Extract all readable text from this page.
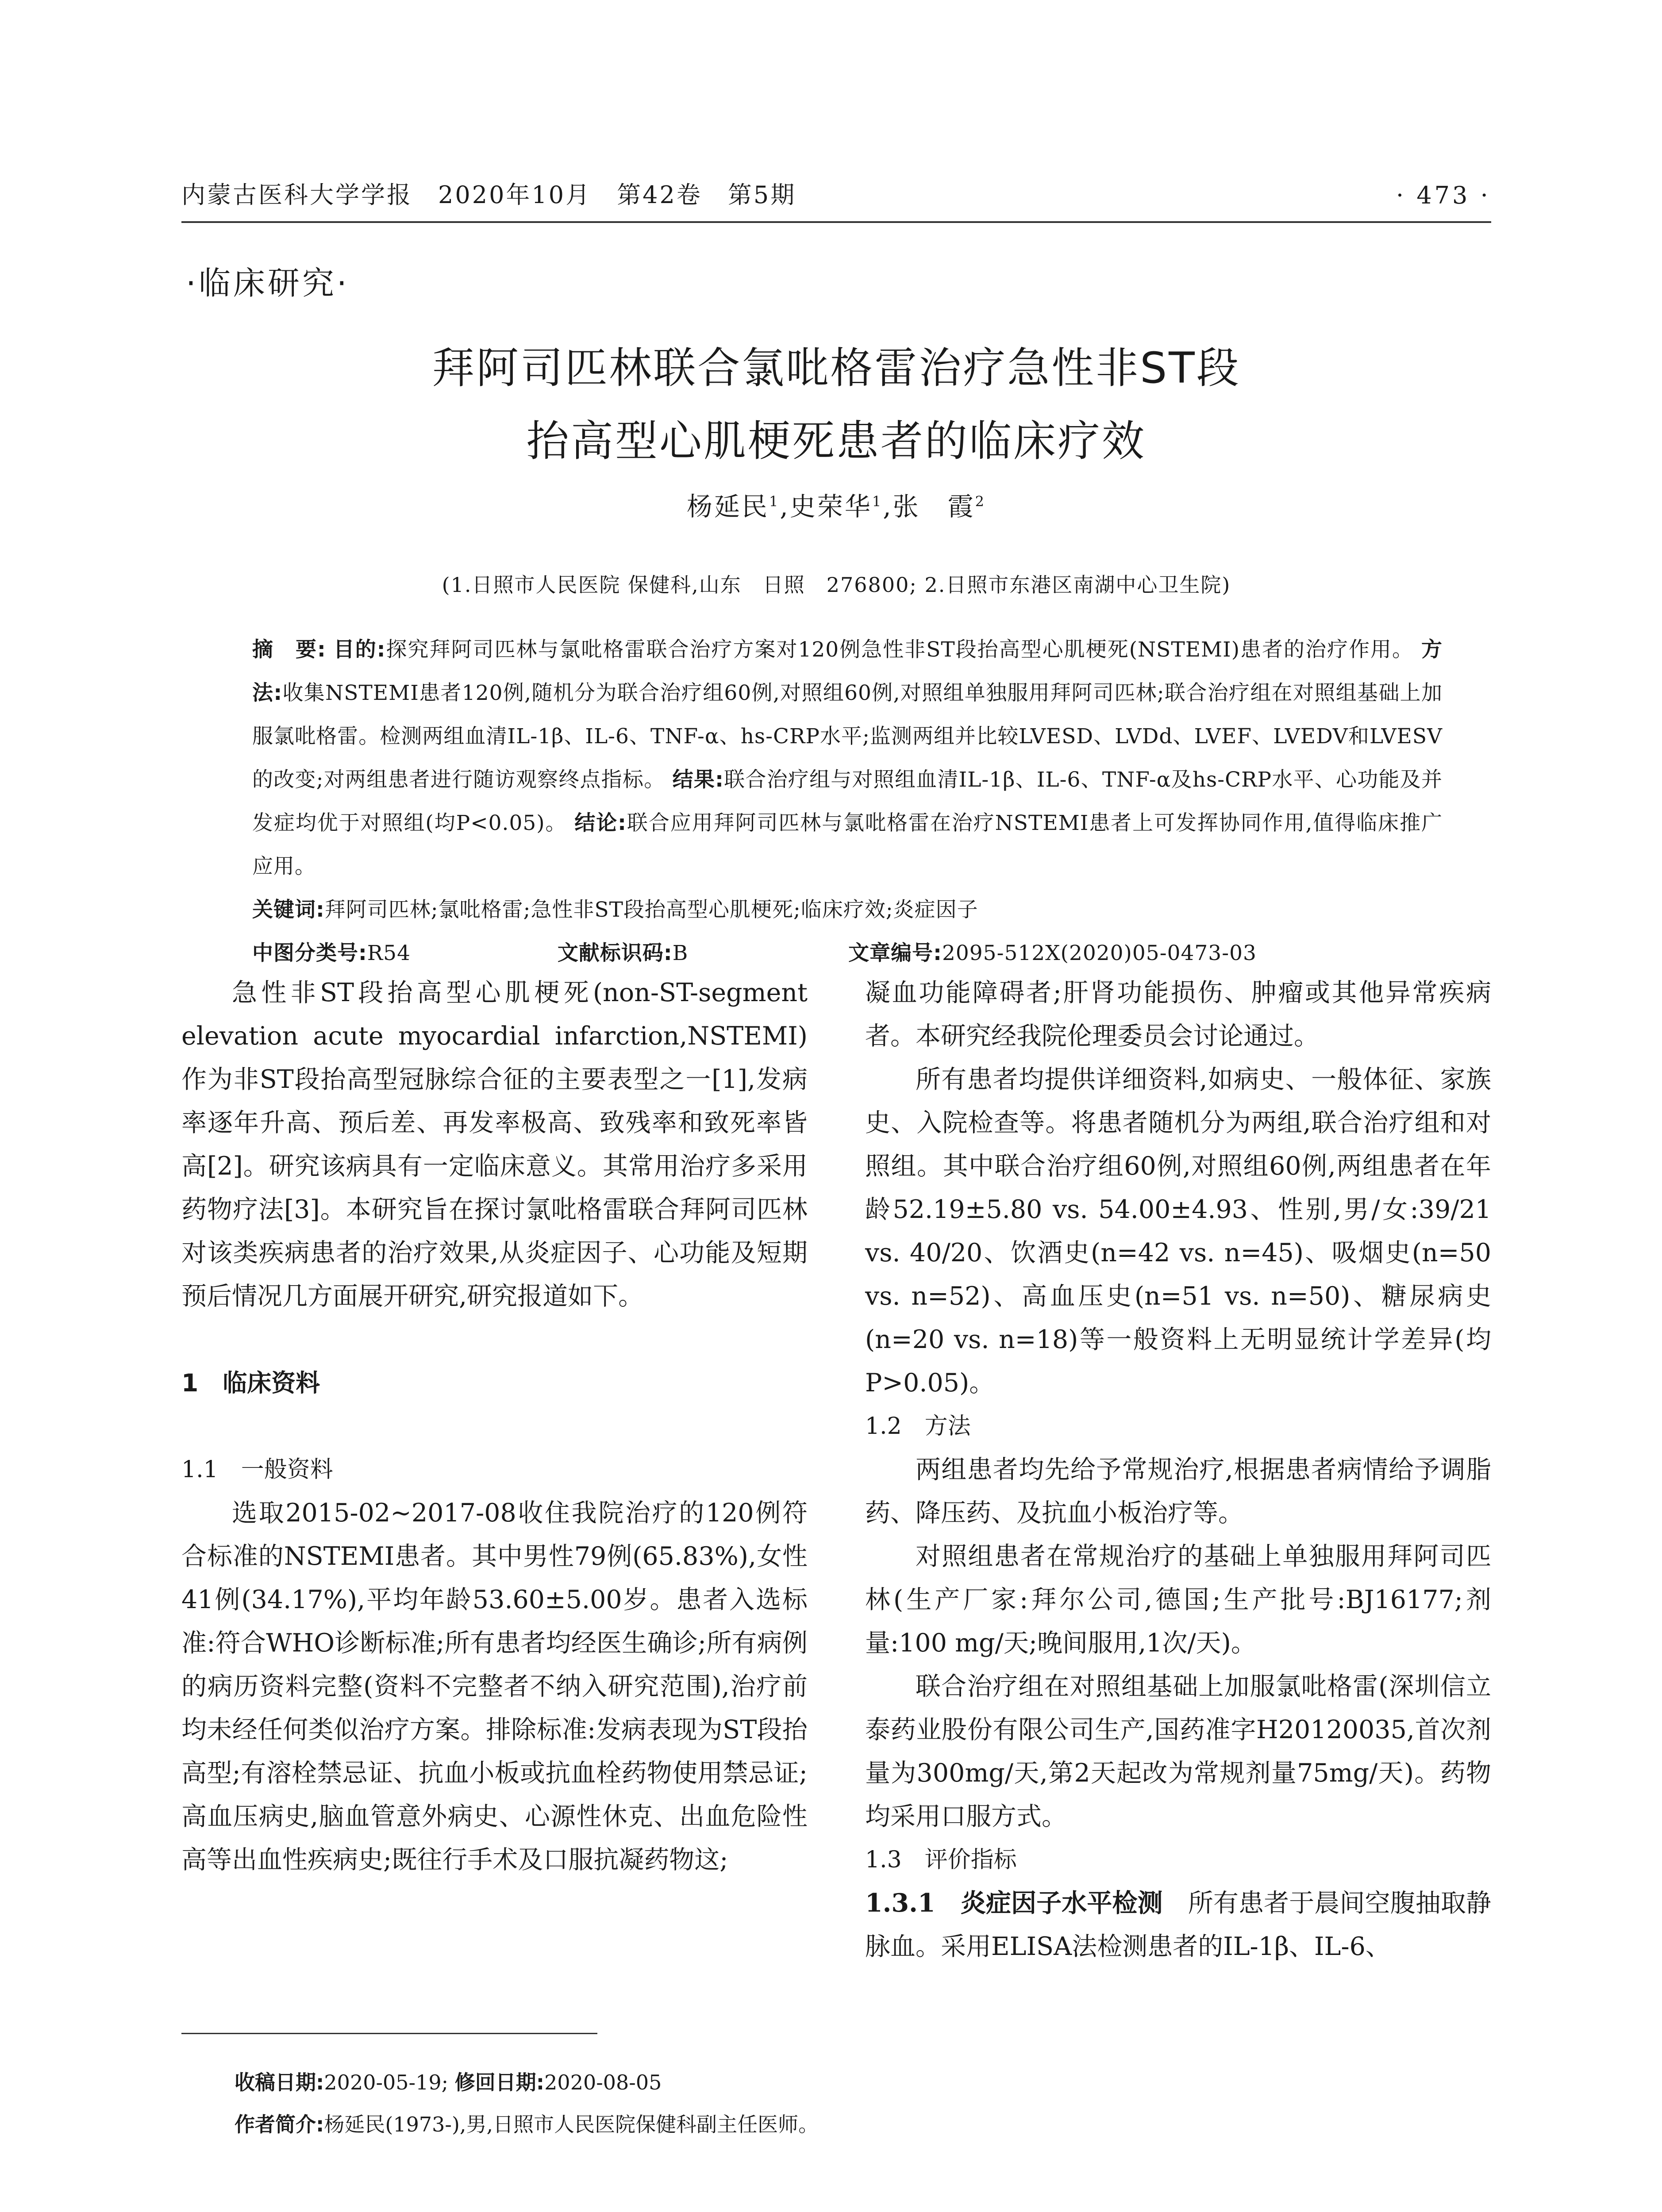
内蒙古医科大学学报　2020年10月　第42卷　第5期	· 473 ·
·临床研究·
拜阿司匹林联合氯吡格雷治疗急性非ST段
抬高型心肌梗死患者的临床疗效
杨延民$^1$,史荣华$^1$,张　霞$^2$
(1.日照市人民医院 保健科,山东　日照　276800; 2.日照市东港区南湖中心卫生院)
摘　要: 目的:探究拜阿司匹林与氯吡格雷联合治疗方案对120例急性非ST段抬高型心肌梗死(NSTEMI)患者的治疗作用。 方法:收集NSTEMI患者120例,随机分为联合治疗组60例,对照组60例,对照组单独服用拜阿司匹林;联合治疗组在对照组基础上加服氯吡格雷。检测两组血清IL-1β、IL-6、TNF-α、hs-CRP水平;监测两组并比较LVESD、LVDd、LVEF、LVEDV和LVESV的改变;对两组患者进行随访观察终点指标。 结果:联合治疗组与对照组血清IL-1β、IL-6、TNF-α及hs-CRP水平、心功能及并发症均优于对照组(均P<0.05)。 结论:联合应用拜阿司匹林与氯吡格雷在治疗NSTEMI患者上可发挥协同作用,值得临床推广应用。
关键词:拜阿司匹林;氯吡格雷;急性非ST段抬高型心肌梗死;临床疗效;炎症因子
中图分类号:R54	文献标识码:B	文章编号:2095-512X(2020)05-0473-03

急性非ST段抬高型心肌梗死(non-ST-segment elevation acute myocardial infarction,NSTEMI)作为非ST段抬高型冠脉综合征的主要表型之一[1],发病率逐年升高、预后差、再发率极高、致残率和致死率皆高[2]。研究该病具有一定临床意义。其常用治疗多采用药物疗法[3]。本研究旨在探讨氯吡格雷联合拜阿司匹林对该类疾病患者的治疗效果,从炎症因子、心功能及短期预后情况几方面展开研究,研究报道如下。

1　临床资料
1.1　一般资料

选取2015-02~2017-08收住我院治疗的120例符合标准的NSTEMI患者。其中男性79例(65.83%),女性41例(34.17%),平均年龄53.60±5.00岁。患者入选标准:符合WHO诊断标准;所有患者均经医生确诊;所有病例的病历资料完整(资料不完整者不纳入研究范围),治疗前均未经任何类似治疗方案。排除标准:发病表现为ST段抬高型;有溶栓禁忌证、抗血小板或抗血栓药物使用禁忌证;高血压病史,脑血管意外病史、心源性休克、出血危险性高等出血性疾病史;既往行手术及口服抗凝药物这;

凝血功能障碍者;肝肾功能损伤、肿瘤或其他异常疾病者。本研究经我院伦理委员会讨论通过。

所有患者均提供详细资料,如病史、一般体征、家族史、入院检查等。将患者随机分为两组,联合治疗组和对照组。其中联合治疗组60例,对照组60例,两组患者在年龄52.19±5.80 vs. 54.00±4.93、性别,男/女:39/21 vs. 40/20、饮酒史(n=42 vs. n=45)、吸烟史(n=50 vs. n=52)、高血压史(n=51 vs. n=50)、糖尿病史(n=20 vs. n=18)等一般资料上无明显统计学差异(均P>0.05)。

1.2　方法

两组患者均先给予常规治疗,根据患者病情给予调脂药、降压药、及抗血小板治疗等。

对照组患者在常规治疗的基础上单独服用拜阿司匹林(生产厂家:拜尔公司,德国;生产批号:BJ16177;剂量:100 mg/天;晚间服用,1次/天)。

联合治疗组在对照组基础上加服氯吡格雷(深圳信立泰药业股份有限公司生产,国药准字H20120035,首次剂量为300mg/天,第2天起改为常规剂量75mg/天)。药物均采用口服方式。

1.3　评价指标

1.3.1　炎症因子水平检测　 所有患者于晨间空腹抽取静脉血。采用ELISA法检测患者的IL-1β、IL-6、

收稿日期:2020-05-19; 修回日期:2020-08-05
作者简介:杨延民(1973-),男,日照市人民医院保健科副主任医师。
